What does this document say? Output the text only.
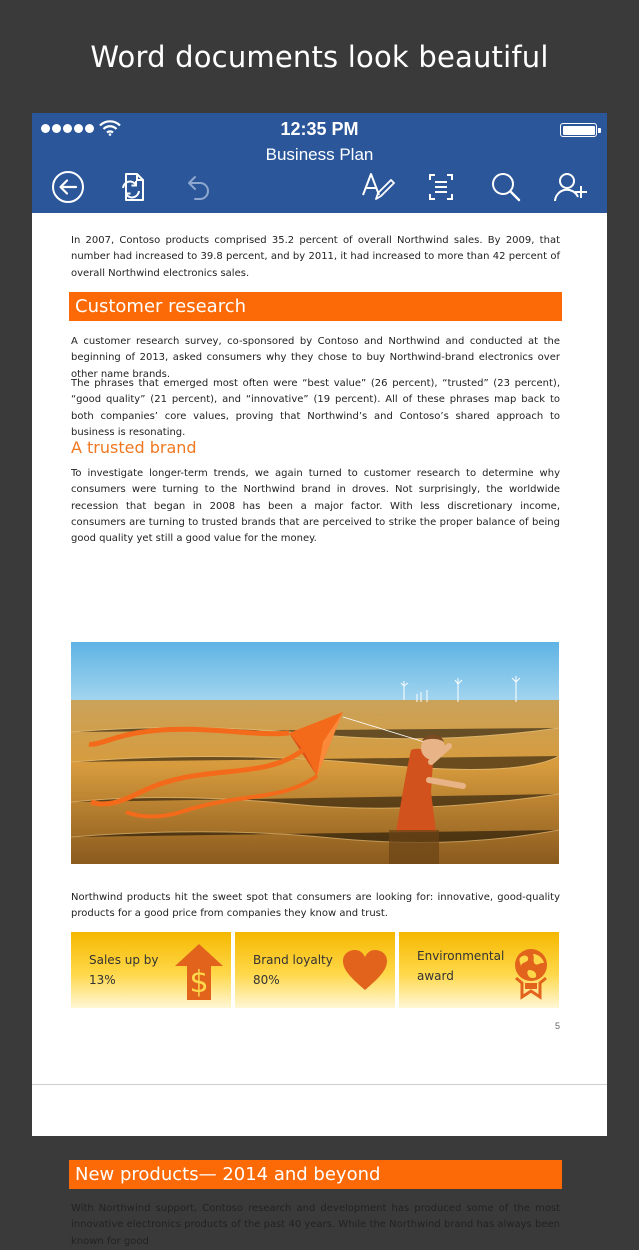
Word documents look beautiful
12:35 PM
Business Plan
In 2007, Contoso products comprised 35.2 percent of overall Northwind sales. By 2009, that number had increased to 39.8 percent, and by 2011, it had increased to more than 42 percent of overall Northwind electronics sales.
Customer research
A customer research survey, co-sponsored by Contoso and Northwind and conducted at the beginning of 2013, asked consumers why they chose to buy Northwind-brand electronics over other name brands.
The phrases that emerged most often were “best value” (26 percent), “trusted” (23 percent), “good quality” (21 percent), and “innovative” (19 percent). All of these phrases map back to both companies’ core values, proving that Northwind’s and Contoso’s shared approach to business is resonating.
A trusted brand
To investigate longer-term trends, we again turned to customer research to determine why consumers were turning to the Northwind brand in droves. Not surprisingly, the worldwide recession that began in 2008 has been a major factor. With less discretionary income, consumers are turning to trusted brands that are perceived to strike the proper balance of being good quality yet still a good value for the money.
Northwind products hit the sweet spot that consumers are looking for: innovative, good-quality products for a good price from companies they know and trust.
Sales up by
13%	$
Brand loyalty
80%
Environmental
award
5
New products— 2014 and beyond
With Northwind support, Contoso research and development has produced some of the most innovative electronics products of the past 40 years. While the Northwind brand has always been known for good
